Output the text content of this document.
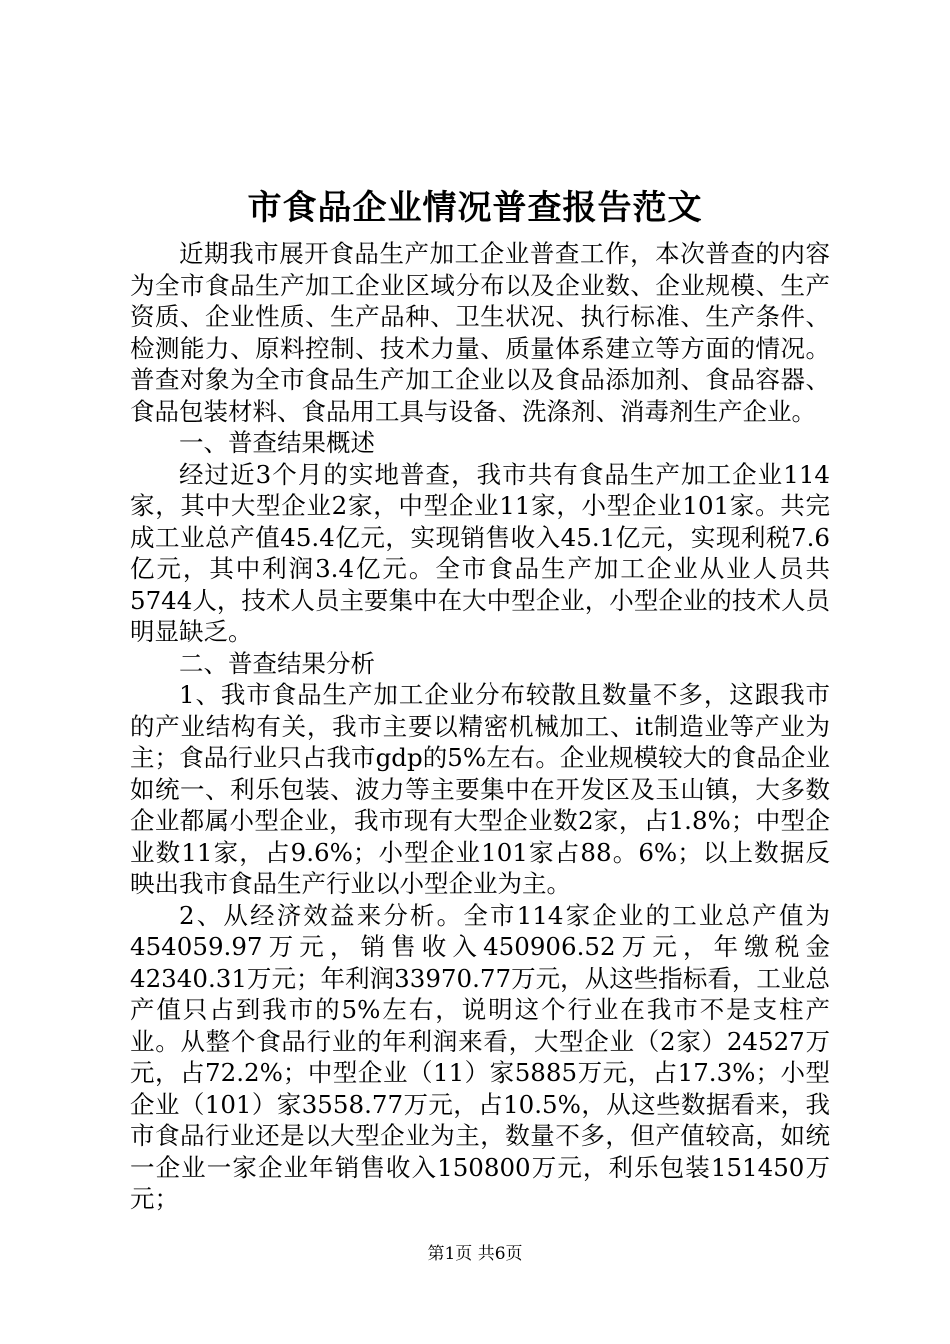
市食品企业情况普查报告范文

近期我市展开食品生产加工企业普查工作，本次普查的内容为全市食品生产加工企业区域分布以及企业数、企业规模、生产资质、企业性质、生产品种、卫生状况、执行标准、生产条件、检测能力、原料控制、技术力量、质量体系建立等方面的情况。普查对象为全市食品生产加工企业以及食品添加剂、食品容器、食品包装材料、食品用工具与设备、洗涤剂、消毒剂生产企业。

一、普查结果概述

经过近3个月的实地普查，我市共有食品生产加工企业114家，其中大型企业2家，中型企业11家，小型企业101家。共完成工业总产值45.4亿元，实现销售收入45.1亿元，实现利税7.6亿元，其中利润3.4亿元。全市食品生产加工企业从业人员共5744人，技术人员主要集中在大中型企业，小型企业的技术人员明显缺乏。

二、普查结果分析

1、我市食品生产加工企业分布较散且数量不多，这跟我市的产业结构有关，我市主要以精密机械加工、it制造业等产业为主；食品行业只占我市gdp的5%左右。企业规模较大的食品企业如统一、利乐包装、波力等主要集中在开发区及玉山镇，大多数企业都属小型企业，我市现有大型企业数2家，占1.8%；中型企业数11家，占9.6%；小型企业101家占88。6%；以上数据反映出我市食品生产行业以小型企业为主。

2、从经济效益来分析。全市114家企业的工业总产值为454059.97万元，销售收入450906.52万元，年缴税金42340.31万元；年利润33970.77万元，从这些指标看，工业总产值只占到我市的5%左右，说明这个行业在我市不是支柱产业。从整个食品行业的年利润来看，大型企业（2家）24527万元，占72.2%；中型企业（11）家5885万元，占17.3%；小型企业（101）家3558.77万元，占10.5%，从这些数据看来，我市食品行业还是以大型企业为主，数量不多，但产值较高，如统一企业一家企业年销售收入150800万元，利乐包装151450万元；

第1页 共6页
